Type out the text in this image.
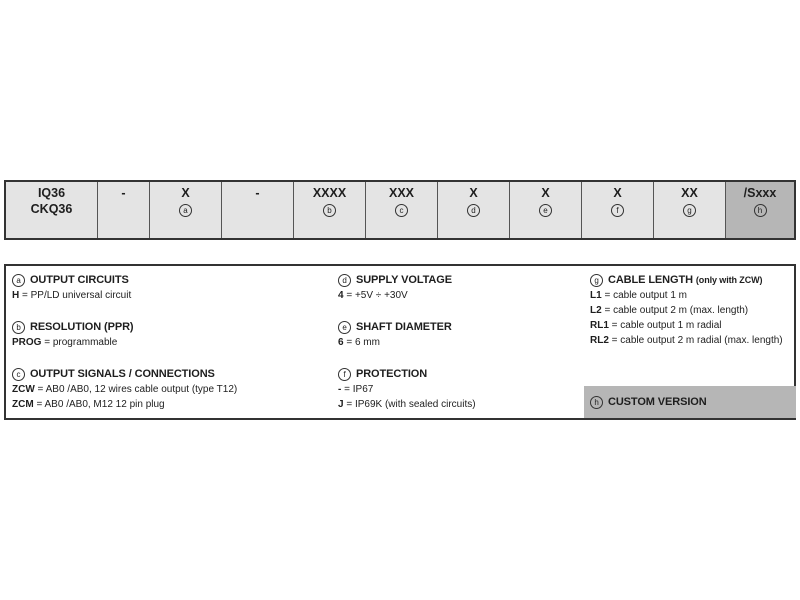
IQ36
CKQ36
-	X
a
-	XXXX
b
XXX
c
X
d
X
e
X
f
XX
g
/Sxxx
h
a OUTPUT CIRCUITS
H = PP/LD universal circuit
b RESOLUTION (PPR)
PROG = programmable
c OUTPUT SIGNALS / CONNECTIONS
ZCW = AB0 /AB0, 12 wires cable output (type T12)
ZCM = AB0 /AB0, M12 12 pin plug
d SUPPLY VOLTAGE
4 = +5V ÷ +30V
e SHAFT DIAMETER
6 = 6 mm
f PROTECTION
- = IP67
J = IP69K (with sealed circuits)
g CABLE LENGTH (only with ZCW)
L1 = cable output 1 m
L2 = cable output 2 m (max. length)
RL1 = cable output 1 m radial
RL2 = cable output 2 m radial (max. length)
h CUSTOM VERSION
